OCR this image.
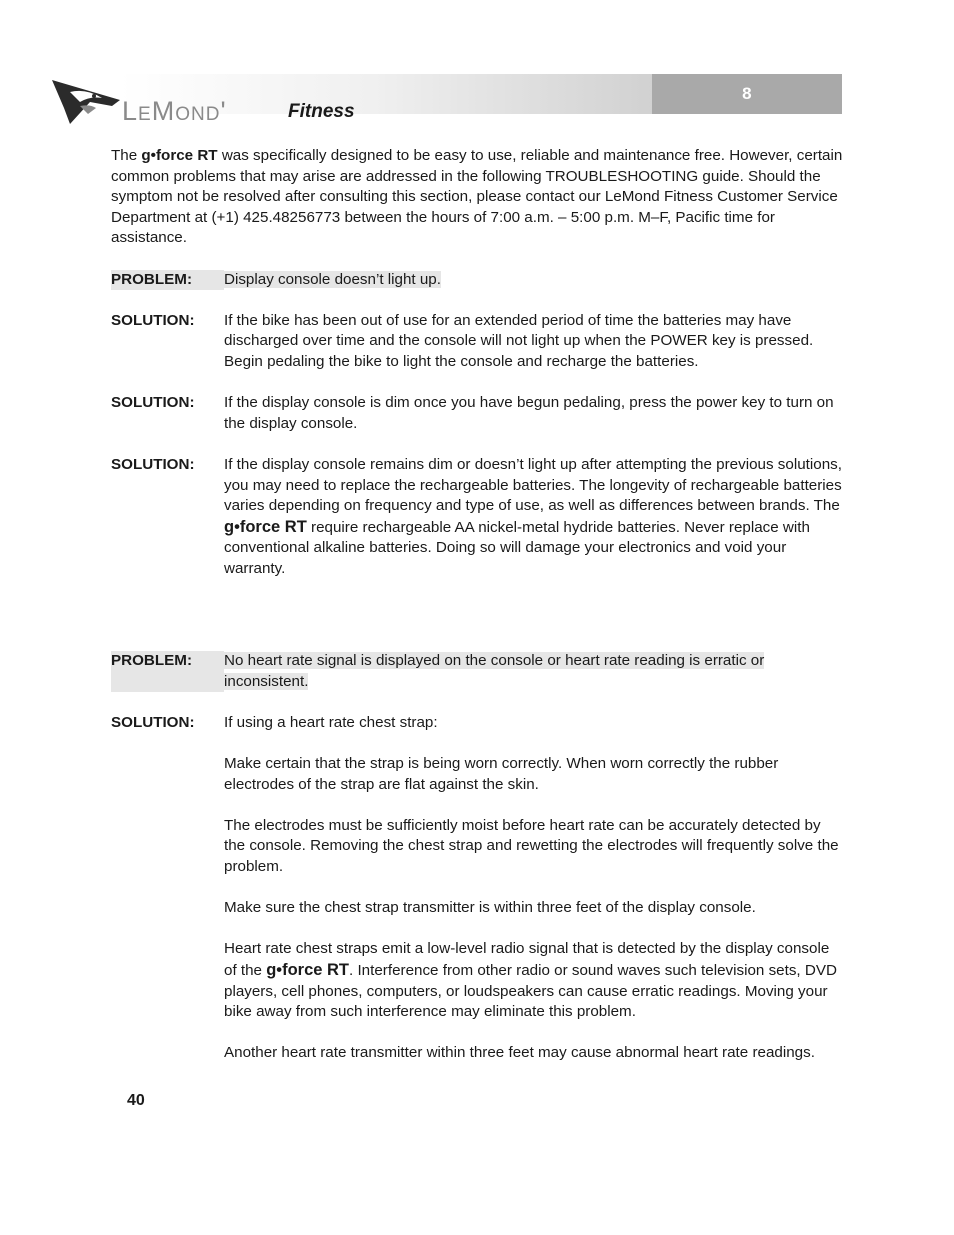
8 TROUBLESHOOTING
LEMOND'	Fitness

The g•force RT was specifically designed to be easy to use, reliable and maintenance free. However, certain common problems that may arise are addressed in the following TROUBLESHOOTING guide. Should the symptom not be resolved after consulting this section, please contact our LeMond Fitness Customer Service Department at (+1) 425.48256773 between the hours of 7:00 a.m. – 5:00 p.m. M–F, Pacific time for assistance.

PROBLEM:	Display console doesn’t light up.
SOLUTION:	If the bike has been out of use for an extended period of time the batteries may have discharged over time and the console will not light up when the POWER key is pressed. Begin pedaling the bike to light the console and recharge the batteries.
SOLUTION:	If the display console is dim once you have begun pedaling, press the power key to turn on the display console.
SOLUTION:	If the display console remains dim or doesn’t light up after attempting the previous solutions, you may need to replace the rechargeable batteries. The longevity of rechargeable batteries varies depending on frequency and type of use, as well as differences between brands. The g•force RT require rechargeable AA nickel-metal hydride batteries. Never replace with conventional alkaline batteries. Doing so will damage your electronics and void your warranty.
PROBLEM:	No heart rate signal is displayed on the console or heart rate reading is erratic or inconsistent.
SOLUTION:	If using a heart rate chest strap:

Make certain that the strap is being worn correctly. When worn correctly the rubber electrodes of the strap are flat against the skin.

The electrodes must be sufficiently moist before heart rate can be accurately detected by the console. Removing the chest strap and rewetting the electrodes will frequently solve the problem.

Make sure the chest strap transmitter is within three feet of the display console.

Heart rate chest straps emit a low-level radio signal that is detected by the display console of the g•force RT. Interference from other radio or sound waves such television sets, DVD players, cell phones, computers, or loudspeakers can cause erratic readings. Moving your bike away from such interference may eliminate this problem.

Another heart rate transmitter within three feet may cause abnormal heart rate readings.

40
